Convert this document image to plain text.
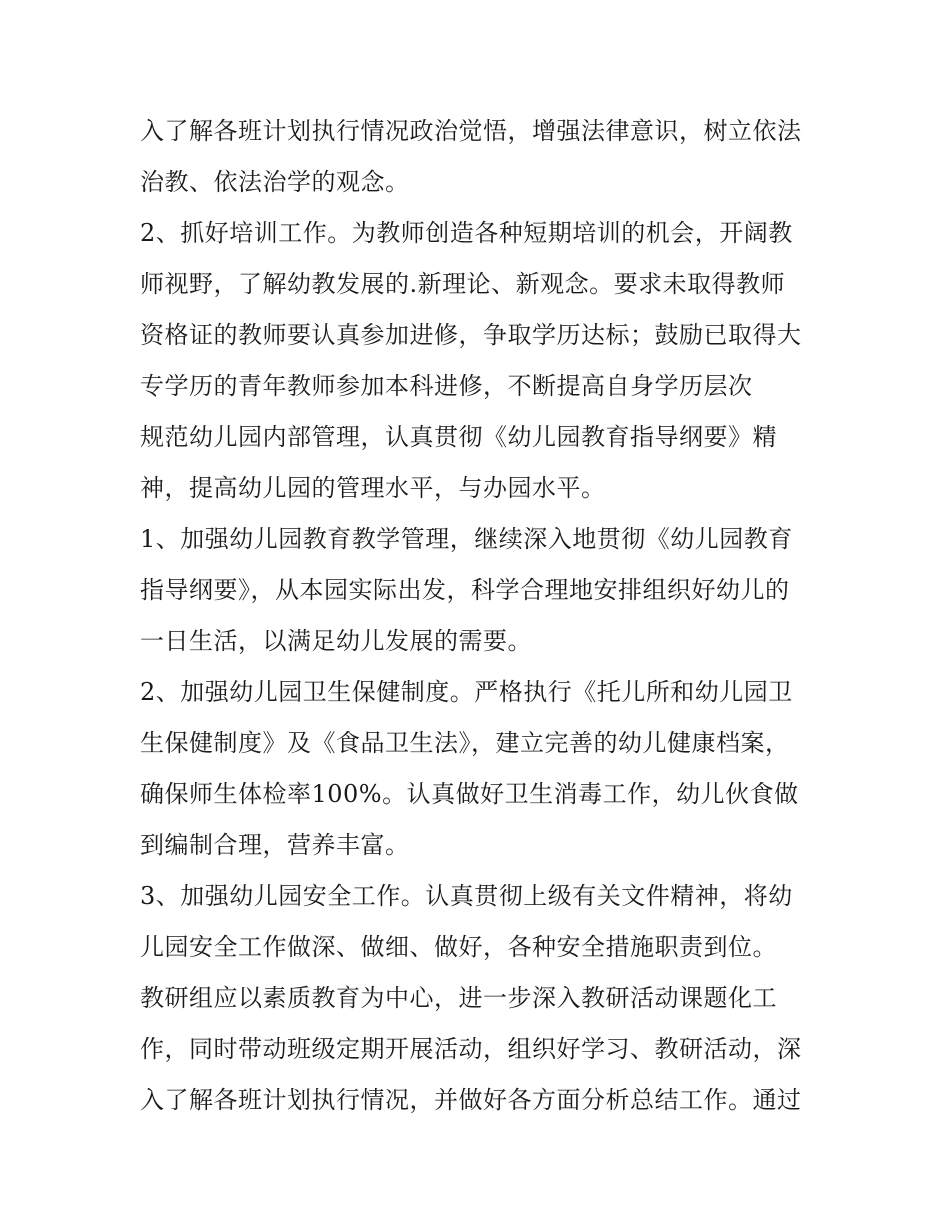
入了解各班计划执行情况政治觉悟，增强法律意识，树立依法
治教、依法治学的观念。
2、抓好培训工作。为教师创造各种短期培训的机会，开阔教
师视野，了解幼教发展的.新理论、新观念。要求未取得教师
资格证的教师要认真参加进修，争取学历达标；鼓励已取得大
专学历的青年教师参加本科进修，不断提高自身学历层次
规范幼儿园内部管理，认真贯彻《幼儿园教育指导纲要》精
神，提高幼儿园的管理水平，与办园水平。
1、加强幼儿园教育教学管理，继续深入地贯彻《幼儿园教育
指导纲要》，从本园实际出发，科学合理地安排组织好幼儿的
一日生活，以满足幼儿发展的需要。
2、加强幼儿园卫生保健制度。严格执行《托儿所和幼儿园卫
生保健制度》及《食品卫生法》，建立完善的幼儿健康档案，
确保师生体检率100%。认真做好卫生消毒工作，幼儿伙食做
到编制合理，营养丰富。
3、加强幼儿园安全工作。认真贯彻上级有关文件精神，将幼
儿园安全工作做深、做细、做好，各种安全措施职责到位。
教研组应以素质教育为中心，进一步深入教研活动课题化工
作，同时带动班级定期开展活动，组织好学习、教研活动，深
入了解各班计划执行情况，并做好各方面分析总结工作。通过
